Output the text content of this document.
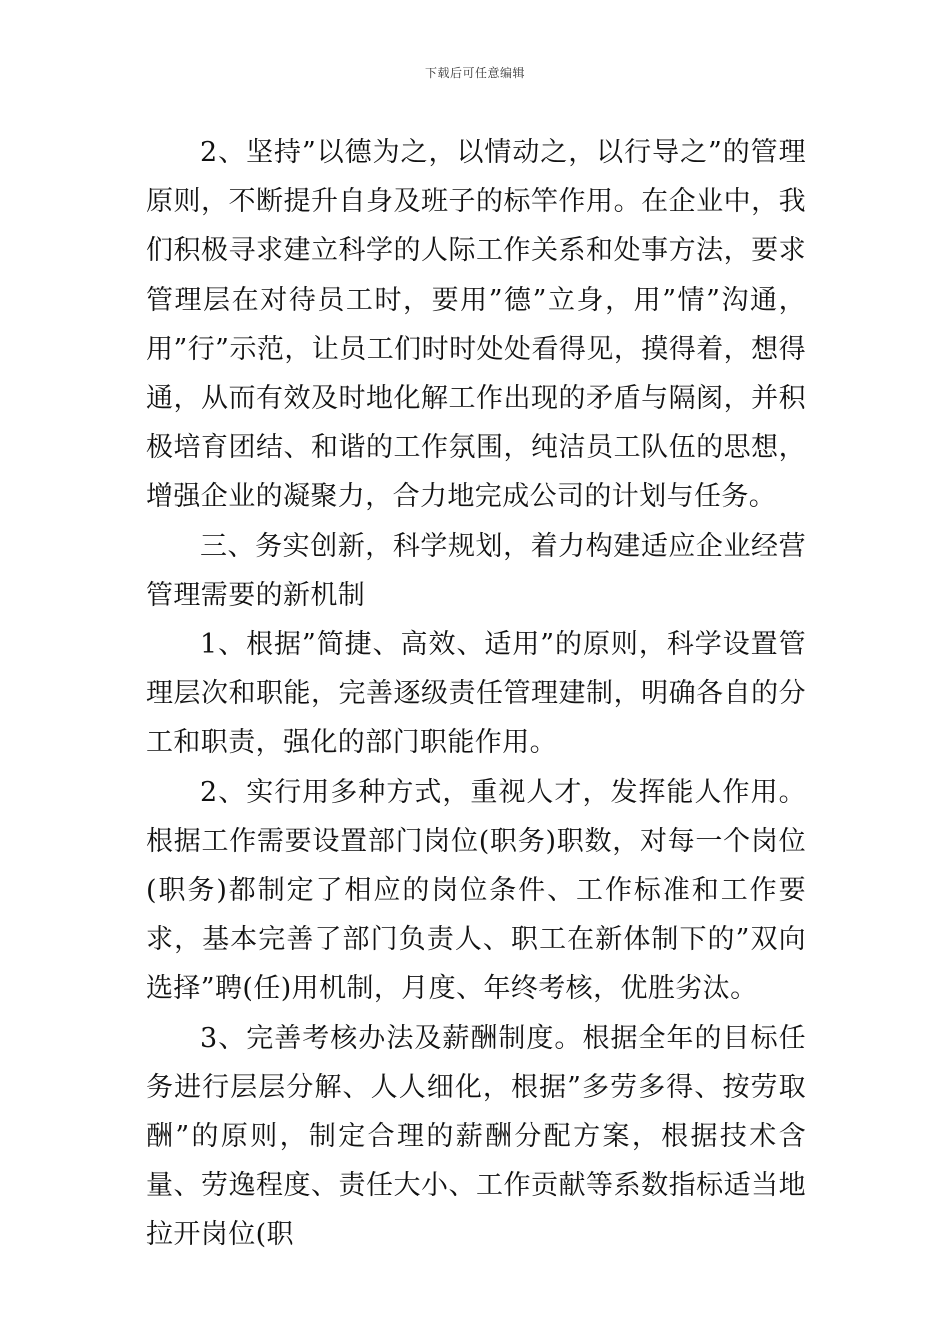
下载后可任意编辑

2、坚持”以德为之，以情动之，以行导之”的管理原则，不断提升自身及班子的标竿作用。在企业中，我们积极寻求建立科学的人际工作关系和处事方法，要求管理层在对待员工时，要用”德”立身，用”情”沟通，用”行”示范，让员工们时时处处看得见，摸得着，想得通，从而有效及时地化解工作出现的矛盾与隔阂，并积极培育团结、和谐的工作氛围，纯洁员工队伍的思想，增强企业的凝聚力，合力地完成公司的计划与任务。

三、务实创新，科学规划，着力构建适应企业经营管理需要的新机制

1、根据”简捷、高效、适用”的原则，科学设置管理层次和职能，完善逐级责任管理建制，明确各自的分工和职责，强化的部门职能作用。

2、实行用多种方式，重视人才，发挥能人作用。根据工作需要设置部门岗位(职务)职数，对每一个岗位(职务)都制定了相应的岗位条件、工作标准和工作要求，基本完善了部门负责人、职工在新体制下的”双向选择”聘(任)用机制，月度、年终考核，优胜劣汰。

3、完善考核办法及薪酬制度。根据全年的目标任务进行层层分解、人人细化，根据”多劳多得、按劳取酬”的原则，制定合理的薪酬分配方案，根据技术含量、劳逸程度、责任大小、工作贡献等系数指标适当地拉开岗位(职
